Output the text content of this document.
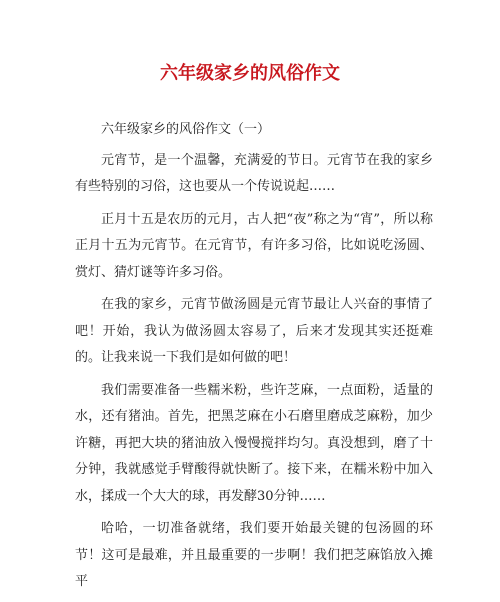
六年级家乡的风俗作文

六年级家乡的风俗作文（一）

元宵节，是一个温馨，充满爱的节日。元宵节在我的家乡有些特别的习俗，这也要从一个传说说起……

正月十五是农历的元月，古人把“夜”称之为“宵”，所以称正月十五为元宵节。在元宵节，有许多习俗，比如说吃汤圆、赏灯、猜灯谜等许多习俗。

在我的家乡，元宵节做汤圆是元宵节最让人兴奋的事情了吧！开始，我认为做汤圆太容易了，后来才发现其实还挺难的。让我来说一下我们是如何做的吧！

我们需要准备一些糯米粉，些许芝麻，一点面粉，适量的水，还有猪油。首先，把黑芝麻在小石磨里磨成芝麻粉，加少许糖，再把大块的猪油放入慢慢搅拌均匀。真没想到，磨了十分钟，我就感觉手臂酸得就快断了。接下来，在糯米粉中加入水，揉成一个大大的球，再发酵30分钟……

哈哈，一切准备就绪，我们要开始最关键的包汤圆的环节！这可是最难，并且最重要的一步啊！我们把芝麻馅放入摊平
